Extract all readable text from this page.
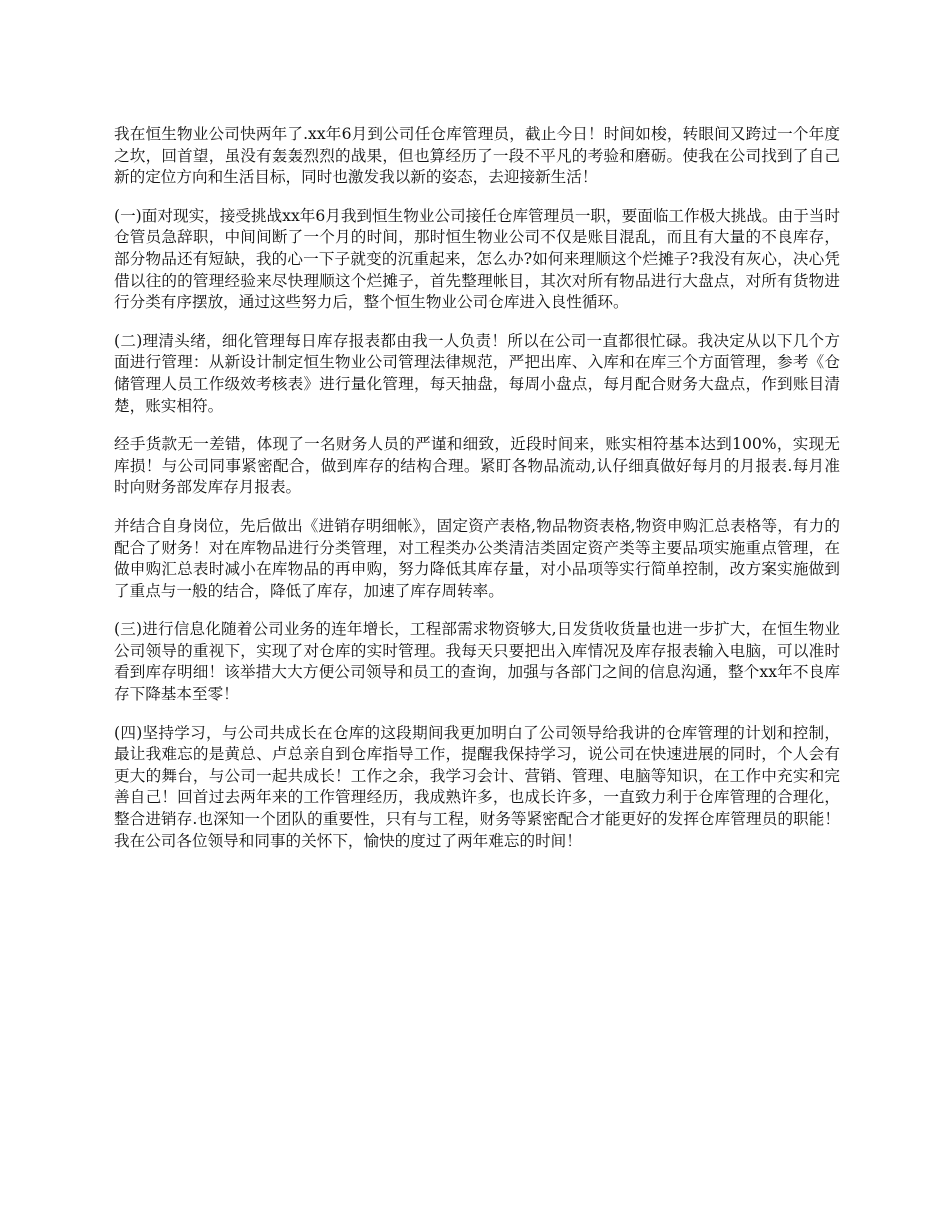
我在恒生物业公司快两年了.xx年6月到公司任仓库管理员，截止今日！时间如梭，转眼间又跨过一个年度之坎，回首望，虽没有轰轰烈烈的战果，但也算经历了一段不平凡的考验和磨砺。使我在公司找到了自己新的定位方向和生活目标，同时也激发我以新的姿态，去迎接新生活！

(一)面对现实，接受挑战xx年6月我到恒生物业公司接任仓库管理员一职，要面临工作极大挑战。由于当时仓管员急辞职，中间间断了一个月的时间，那时恒生物业公司不仅是账目混乱，而且有大量的不良库存，部分物品还有短缺，我的心一下子就变的沉重起来，怎么办?如何来理顺这个烂摊子?我没有灰心，决心凭借以往的的管理经验来尽快理顺这个烂摊子，首先整理帐目，其次对所有物品进行大盘点，对所有货物进行分类有序摆放，通过这些努力后，整个恒生物业公司仓库进入良性循环。

(二)理清头绪，细化管理每日库存报表都由我一人负责！所以在公司一直都很忙碌。我决定从以下几个方面进行管理：从新设计制定恒生物业公司管理法律规范，严把出库、入库和在库三个方面管理，参考《仓储管理人员工作级效考核表》进行量化管理，每天抽盘，每周小盘点，每月配合财务大盘点，作到账目清楚，账实相符。

经手货款无一差错，体现了一名财务人员的严谨和细致，近段时间来，账实相符基本达到100%，实现无库损！与公司同事紧密配合，做到库存的结构合理。紧盯各物品流动,认仔细真做好每月的月报表.每月准时向财务部发库存月报表。

并结合自身岗位，先后做出《进销存明细帐》，固定资产表格,物品物资表格,物资申购汇总表格等，有力的配合了财务！对在库物品进行分类管理，对工程类办公类清洁类固定资产类等主要品项实施重点管理，在做申购汇总表时减小在库物品的再申购，努力降低其库存量，对小品项等实行简单控制，改方案实施做到了重点与一般的结合，降低了库存，加速了库存周转率。

(三)进行信息化随着公司业务的连年增长，工程部需求物资够大,日发货收货量也进一步扩大，在恒生物业公司领导的重视下，实现了对仓库的实时管理。我每天只要把出入库情况及库存报表输入电脑，可以准时看到库存明细！该举措大大方便公司领导和员工的查询，加强与各部门之间的信息沟通，整个xx年不良库存下降基本至零！

(四)坚持学习，与公司共成长在仓库的这段期间我更加明白了公司领导给我讲的仓库管理的计划和控制，最让我难忘的是黄总、卢总亲自到仓库指导工作，提醒我保持学习，说公司在快速进展的同时，个人会有更大的舞台，与公司一起共成长！工作之余，我学习会计、营销、管理、电脑等知识，在工作中充实和完善自己！回首过去两年来的工作管理经历，我成熟许多，也成长许多，一直致力利于仓库管理的合理化，整合进销存.也深知一个团队的重要性，只有与工程，财务等紧密配合才能更好的发挥仓库管理员的职能！我在公司各位领导和同事的关怀下，愉快的度过了两年难忘的时间！
